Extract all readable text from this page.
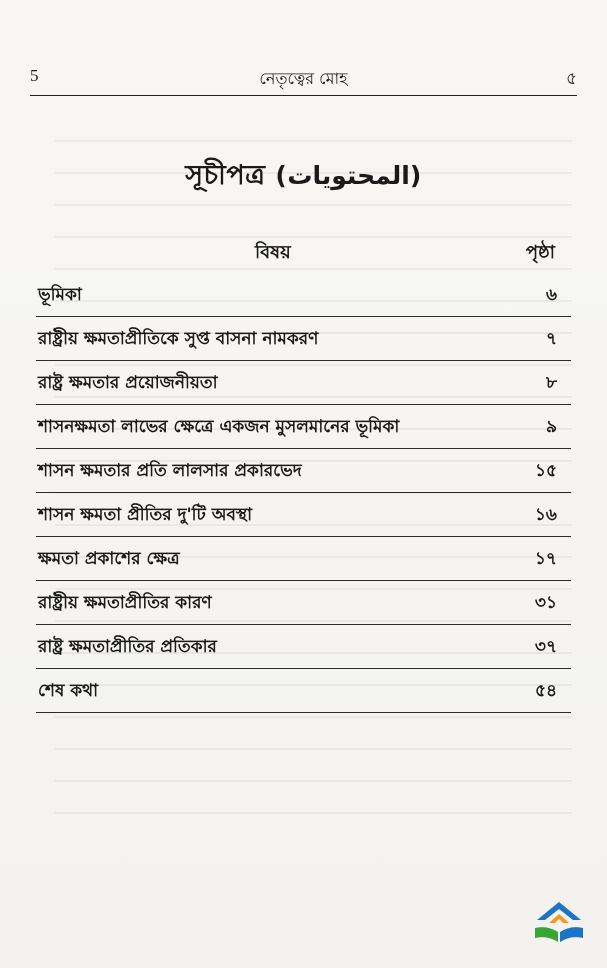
5	নেতৃত্বের মোহ	৫
সূচীপত্র (المحتويات)
বিষয়	পৃষ্ঠা
ভূমিকা	৬
রাষ্ট্রীয় ক্ষমতাপ্রীতিকে সুপ্ত বাসনা নামকরণ	৭
রাষ্ট্র ক্ষমতার প্রয়োজনীয়তা	৮
শাসনক্ষমতা লাভের ক্ষেত্রে একজন মুসলমানের ভূমিকা	৯
শাসন ক্ষমতার প্রতি লালসার প্রকারভেদ	১৫
শাসন ক্ষমতা প্রীতির দু'টি অবস্থা	১৬
ক্ষমতা প্রকাশের ক্ষেত্র	১৭
রাষ্ট্রীয় ক্ষমতাপ্রীতির কারণ	৩১
রাষ্ট্র ক্ষমতাপ্রীতির প্রতিকার	৩৭
শেষ কথা	৫৪
